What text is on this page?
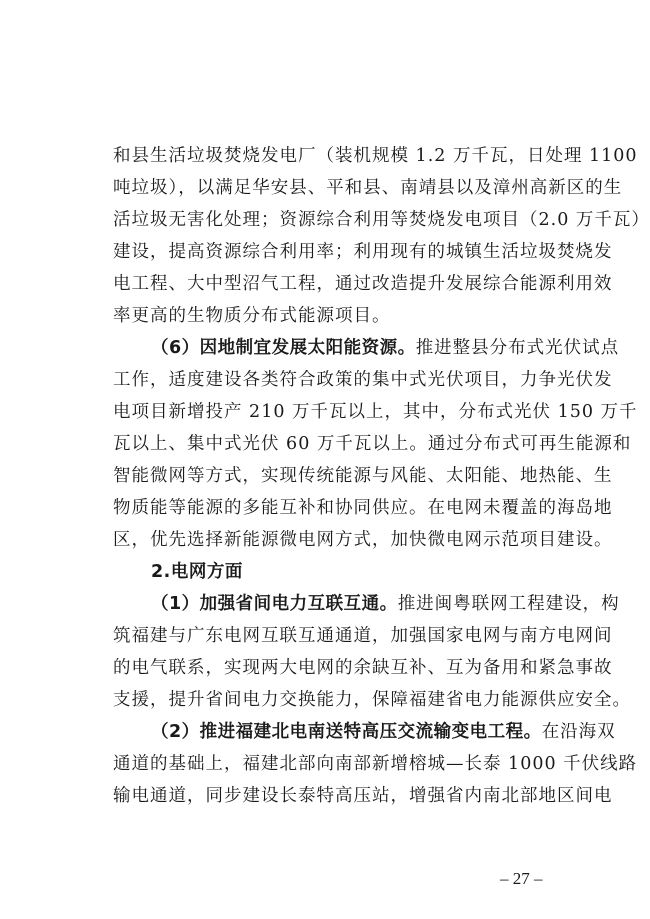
和县生活垃圾焚烧发电厂（装机规模 1.2 万千瓦，日处理 1100
吨垃圾），以满足华安县、平和县、南靖县以及漳州高新区的生
活垃圾无害化处理；资源综合利用等焚烧发电项目（2.0 万千瓦）
建设，提高资源综合利用率；利用现有的城镇生活垃圾焚烧发
电工程、大中型沼气工程，通过改造提升发展综合能源利用效
率更高的生物质分布式能源项目。
（6）因地制宜发展太阳能资源。推进整县分布式光伏试点
工作，适度建设各类符合政策的集中式光伏项目，力争光伏发
电项目新增投产 210 万千瓦以上，其中，分布式光伏 150 万千
瓦以上、集中式光伏 60 万千瓦以上。通过分布式可再生能源和
智能微网等方式，实现传统能源与风能、太阳能、地热能、生
物质能等能源的多能互补和协同供应。在电网未覆盖的海岛地
区，优先选择新能源微电网方式，加快微电网示范项目建设。
2.电网方面
（1）加强省间电力互联互通。推进闽粤联网工程建设，构
筑福建与广东电网互联互通通道，加强国家电网与南方电网间
的电气联系，实现两大电网的余缺互补、互为备用和紧急事故
支援，提升省间电力交换能力，保障福建省电力能源供应安全。
（2）推进福建北电南送特高压交流输变电工程。在沿海双
通道的基础上，福建北部向南部新增榕城—长泰 1000 千伏线路
输电通道，同步建设长泰特高压站，增强省内南北部地区间电
– 27 –
